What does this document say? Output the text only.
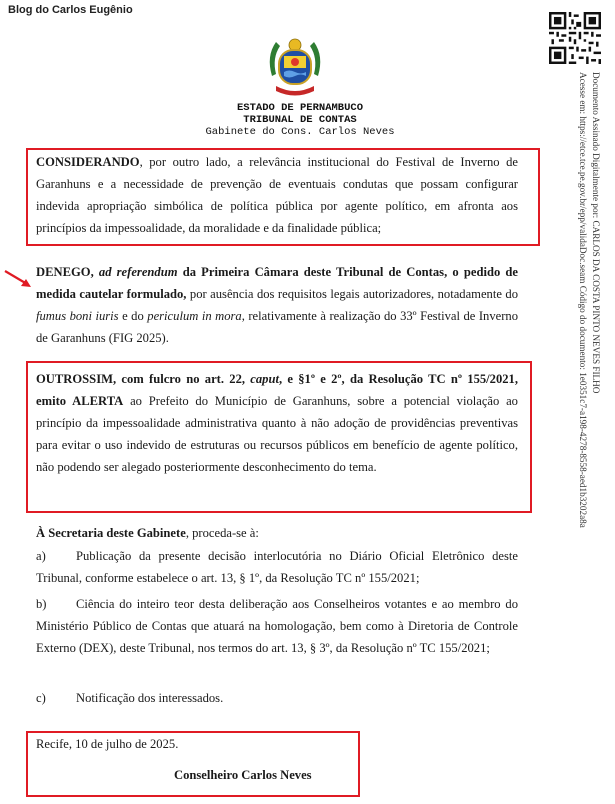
Blog do Carlos Eugênio
Documento Assinado Digitalmente por: CARLOS DA COSTA PINTO NEVES FILHO
Acesse em: https://etce.tce.pe.gov.br/epp/validaDoc.seam Código do documento: 1e0351c7-a198-4278-8558-aed1b3202a8a
ESTADO DE PERNAMBUCO
TRIBUNAL DE CONTAS
Gabinete do Cons. Carlos Neves
CONSIDERANDO, por outro lado, a relevância institucional do Festival de Inverno de Garanhuns e a necessidade de prevenção de eventuais condutas que possam configurar indevida apropriação simbólica de política pública por agente político, em afronta aos princípios da impessoalidade, da moralidade e da finalidade pública;
DENEGO, ad referendum da Primeira Câmara deste Tribunal de Contas, o pedido de medida cautelar formulado, por ausência dos requisitos legais autorizadores, notadamente do fumus boni iuris e do periculum in mora, relativamente à realização do 33º Festival de Inverno de Garanhuns (FIG 2025).
OUTROSSIM, com fulcro no art. 22, caput, e §1º e 2º, da Resolução TC nº 155/2021, emito ALERTA ao Prefeito do Município de Garanhuns, sobre a potencial violação ao princípio da impessoalidade administrativa quanto à não adoção de providências preventivas para evitar o uso indevido de estruturas ou recursos públicos em benefício de agente político, não podendo ser alegado posteriormente desconhecimento do tema.
À Secretaria deste Gabinete, proceda-se à:
a) Publicação da presente decisão interlocutória no Diário Oficial Eletrônico deste Tribunal, conforme estabelece o art. 13, § 1º, da Resolução TC nº 155/2021;
b) Ciência do inteiro teor desta deliberação aos Conselheiros votantes e ao membro do Ministério Público de Contas que atuará na homologação, bem como à Diretoria de Controle Externo (DEX), deste Tribunal, nos termos do art. 13, § 3º, da Resolução nº TC 155/2021;
c) Notificação dos interessados.
Recife, 10 de julho de 2025.
Conselheiro Carlos Neves
